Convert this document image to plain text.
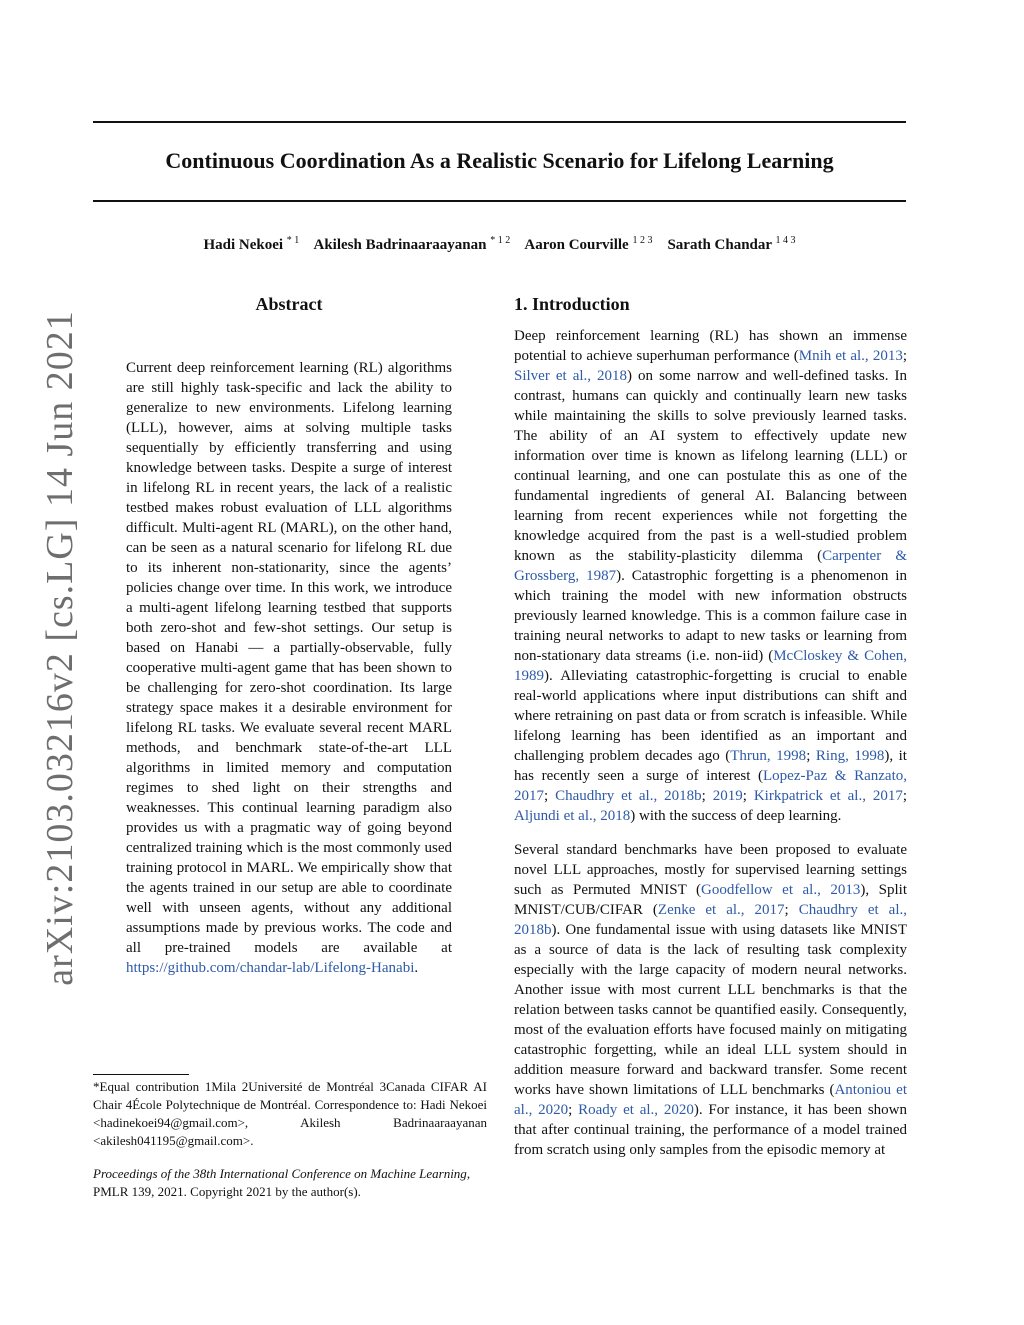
Continuous Coordination As a Realistic Scenario for Lifelong Learning
Hadi Nekoei $^{* 1}$ Akilesh Badrinaaraayanan $^{* 1 2}$ Aaron Courville $^{1 2 3}$ Sarath Chandar $^{1 4 3}$
arXiv:2103.03216v2 [cs.LG] 14 Jun 2021
Abstract

Current deep reinforcement learning (RL) algorithms are still highly task-specific and lack the ability to generalize to new environments. Lifelong learning (LLL), however, aims at solving multiple tasks sequentially by efficiently transferring and using knowledge between tasks. Despite a surge of interest in lifelong RL in recent years, the lack of a realistic testbed makes robust evaluation of LLL algorithms difficult. Multi-agent RL (MARL), on the other hand, can be seen as a natural scenario for lifelong RL due to its inherent non-stationarity, since the agents’ policies change over time. In this work, we introduce a multi-agent lifelong learning testbed that supports both zero-shot and few-shot settings. Our setup is based on Hanabi — a partially-observable, fully cooperative multi-agent game that has been shown to be challenging for zero-shot coordination. Its large strategy space makes it a desirable environment for lifelong RL tasks. We evaluate several recent MARL methods, and benchmark state-of-the-art LLL algorithms in limited memory and computation regimes to shed light on their strengths and weaknesses. This continual learning paradigm also provides us with a pragmatic way of going beyond centralized training which is the most commonly used training protocol in MARL. We empirically show that the agents trained in our setup are able to coordinate well with unseen agents, without any additional assumptions made by previous works. The code and all pre-trained models are available at https://github.com/chandar-lab/Lifelong-Hanabi.

*Equal contribution 1Mila 2Université de Montréal 3Canada CIFAR AI Chair 4École Polytechnique de Montréal. Correspondence to: Hadi Nekoei <hadinekoei94@gmail.com>, Akilesh Badrinaaraayanan <akilesh041195@gmail.com>.
Proceedings of the 38th International Conference on Machine Learning, PMLR 139, 2021. Copyright 2021 by the author(s).
1. Introduction

Deep reinforcement learning (RL) has shown an immense potential to achieve superhuman performance (Mnih et al., 2013; Silver et al., 2018) on some narrow and well-defined tasks. In contrast, humans can quickly and continually learn new tasks while maintaining the skills to solve previously learned tasks. The ability of an AI system to effectively update new information over time is known as lifelong learning (LLL) or continual learning, and one can postulate this as one of the fundamental ingredients of general AI. Balancing between learning from recent experiences while not forgetting the knowledge acquired from the past is a well-studied problem known as the stability-plasticity dilemma (Carpenter & Grossberg, 1987). Catastrophic forgetting is a phenomenon in which training the model with new information obstructs previously learned knowledge. This is a common failure case in training neural networks to adapt to new tasks or learning from non-stationary data streams (i.e. non-iid) (McCloskey & Cohen, 1989). Alleviating catastrophic-forgetting is crucial to enable real-world applications where input distributions can shift and where retraining on past data or from scratch is infeasible. While lifelong learning has been identified as an important and challenging problem decades ago (Thrun, 1998; Ring, 1998), it has recently seen a surge of interest (Lopez-Paz & Ranzato, 2017; Chaudhry et al., 2018b; 2019; Kirkpatrick et al., 2017; Aljundi et al., 2018) with the success of deep learning.

Several standard benchmarks have been proposed to evaluate novel LLL approaches, mostly for supervised learning settings such as Permuted MNIST (Goodfellow et al., 2013), Split MNIST/CUB/CIFAR (Zenke et al., 2017; Chaudhry et al., 2018b). One fundamental issue with using datasets like MNIST as a source of data is the lack of resulting task complexity especially with the large capacity of modern neural networks. Another issue with most current LLL benchmarks is that the relation between tasks cannot be quantified easily. Consequently, most of the evaluation efforts have focused mainly on mitigating catastrophic forgetting, while an ideal LLL system should in addition measure forward and backward transfer. Some recent works have shown limitations of LLL benchmarks (Antoniou et al., 2020; Roady et al., 2020). For instance, it has been shown that after continual training, the performance of a model trained from scratch using only samples from the episodic memory at
